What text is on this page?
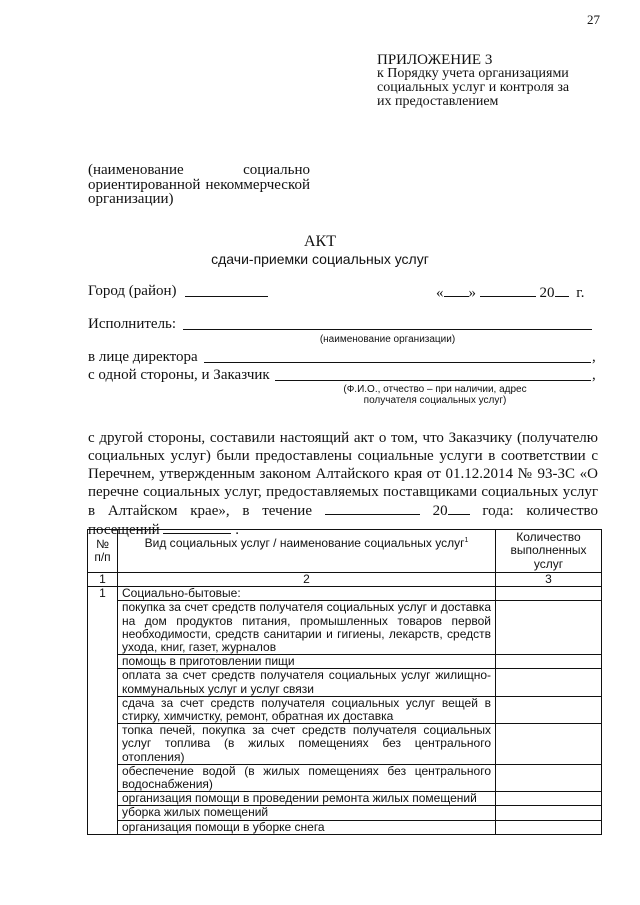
27
ПРИЛОЖЕНИЕ 3
к Порядку учета организациями
социальных услуг и контроля за
их предоставлением
(наименование социально ориентированной некоммерческой организации)
АКТ
сдачи-приемки социальных услуг
Город (район)	« »	20 г.
Исполнитель:
(наименование организации)
в лице директора	,
с одной стороны, и Заказчик	,
(Ф.И.О., отчество – при наличии, адрес получателя социальных услуг)
с другой стороны, составили настоящий акт о том, что Заказчику (получателю социальных услуг) были предоставлены социальные услуги в соответствии с Перечнем, утвержденным законом Алтайского края от 01.12.2014 № 93-ЗС «О перечне социальных услуг, предоставляемых поставщиками социальных услуг в Алтайском крае», в течение	20 года: количество посещений	.
№ п/п	Вид социальных услуг / наименование социальных услуг$^1$	Количество выполненных услуг
1	2	3
1	Социально-бытовые:	
	покупка за счет средств получателя социальных услуг и доставка на дом продуктов питания, промышленных товаров первой необходимости, средств санитарии и гигиены, лекарств, средств ухода, книг, газет, журналов	
	помощь в приготовлении пищи	
	оплата за счет средств получателя социальных услуг жилищно-коммунальных услуг и услуг связи	
	сдача за счет средств получателя социальных услуг вещей в стирку, химчистку, ремонт, обратная их доставка	
	топка печей, покупка за счет средств получателя социальных услуг топлива (в жилых помещениях без центрального отопления)	
	обеспечение водой (в жилых помещениях без центрального водоснабжения)	
	организация помощи в проведении ремонта жилых помещений	
	уборка жилых помещений	
	организация помощи в уборке снега	
